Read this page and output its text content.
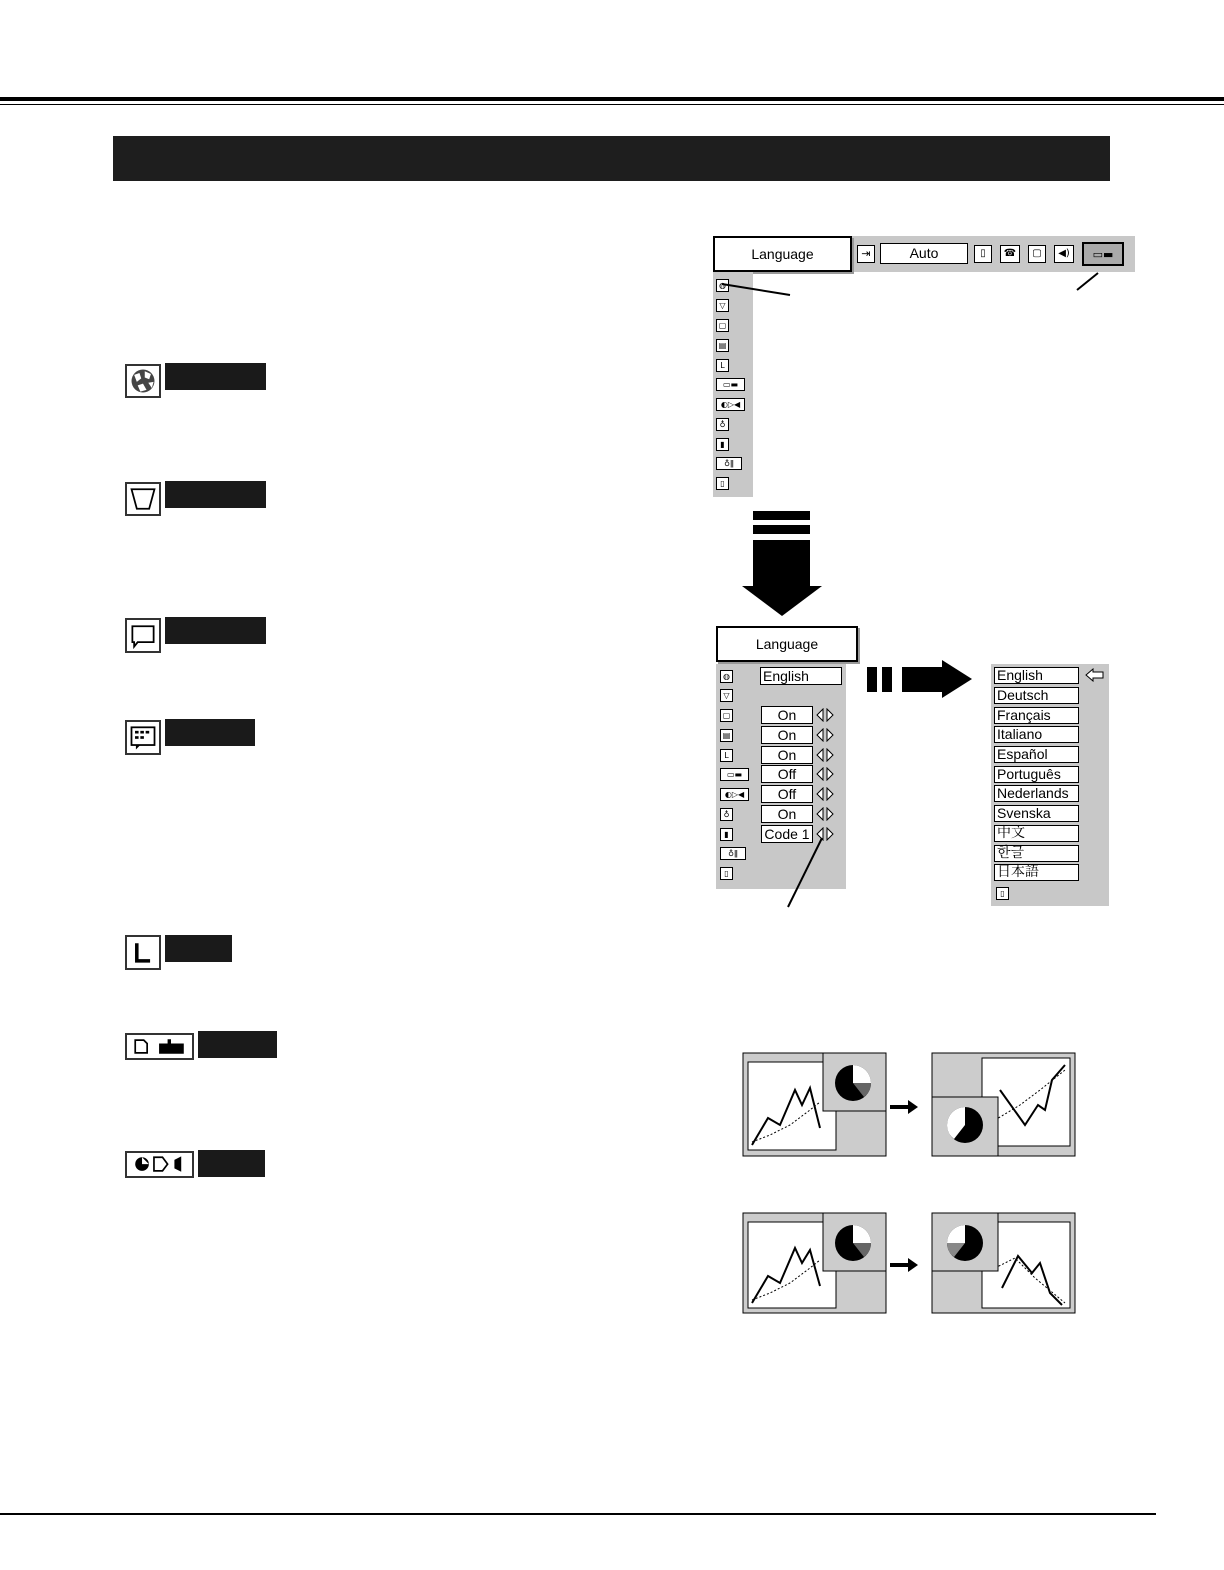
Language	⇥	Auto	▯	☎	▢	◀)	▭▬
◍
▽
▢
▤
L
▭▬
◐▷◀
♁
▮
♁ǁ
▯
Language
◍ English
▽
▢	On
▤	On
L	On
▭▬	Off
◐▷◀	Off
♁	On
▮	Code 1
♁ǁ
▯
English
Deutsch
Français
Italiano
Español
Português
Nederlands
Svenska
中文
한글
日本語
▯
